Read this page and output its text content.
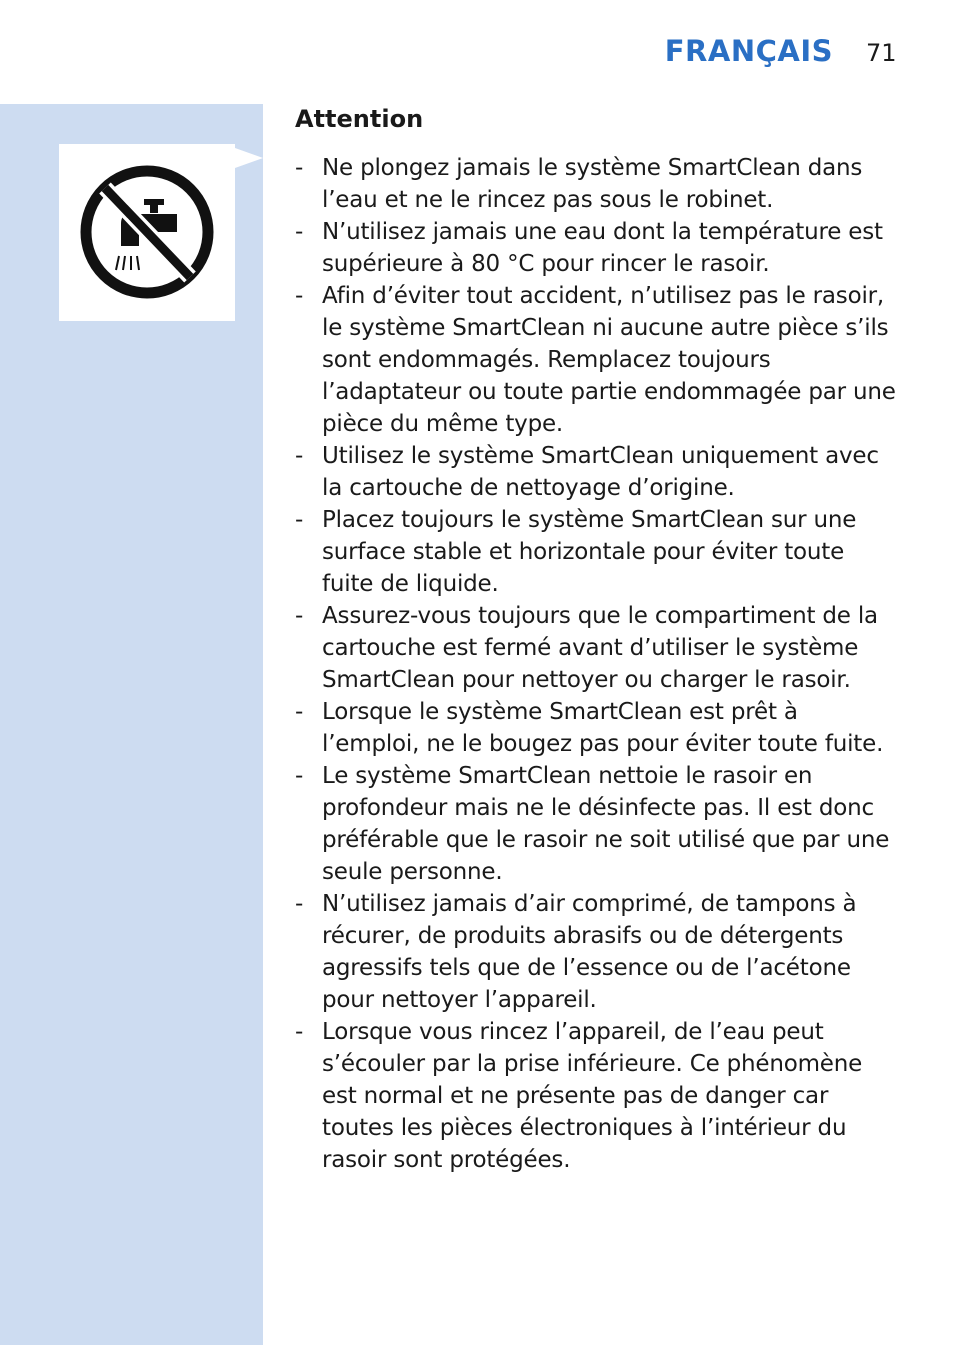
FRANÇAIS 71
Attention
- Ne plongez jamais le système SmartClean dans l’eau et ne le rincez pas sous le robinet.
- N’utilisez jamais une eau dont la température est supérieure à 80 °C pour rincer le rasoir.
- Afin d’éviter tout accident, n’utilisez pas le rasoir, le système SmartClean ni aucune autre pièce s’ils sont endommagés. Remplacez toujours l’adaptateur ou toute partie endommagée par une pièce du même type.
- Utilisez le système SmartClean uniquement avec la cartouche de nettoyage d’origine.
- Placez toujours le système SmartClean sur une surface stable et horizontale pour éviter toute fuite de liquide.
- Assurez-vous toujours que le compartiment de la cartouche est fermé avant d’utiliser le système SmartClean pour nettoyer ou charger le rasoir.
- Lorsque le système SmartClean est prêt à l’emploi, ne le bougez pas pour éviter toute fuite.
- Le système SmartClean nettoie le rasoir en profondeur mais ne le désinfecte pas. Il est donc préférable que le rasoir ne soit utilisé que par une seule personne.
- N’utilisez jamais d’air comprimé, de tampons à récurer, de produits abrasifs ou de détergents agressifs tels que de l’essence ou de l’acétone pour nettoyer l’appareil.
- Lorsque vous rincez l’appareil, de l’eau peut s’écouler par la prise inférieure. Ce phénomène est normal et ne présente pas de danger car toutes les pièces électroniques à l’intérieur du rasoir sont protégées.
